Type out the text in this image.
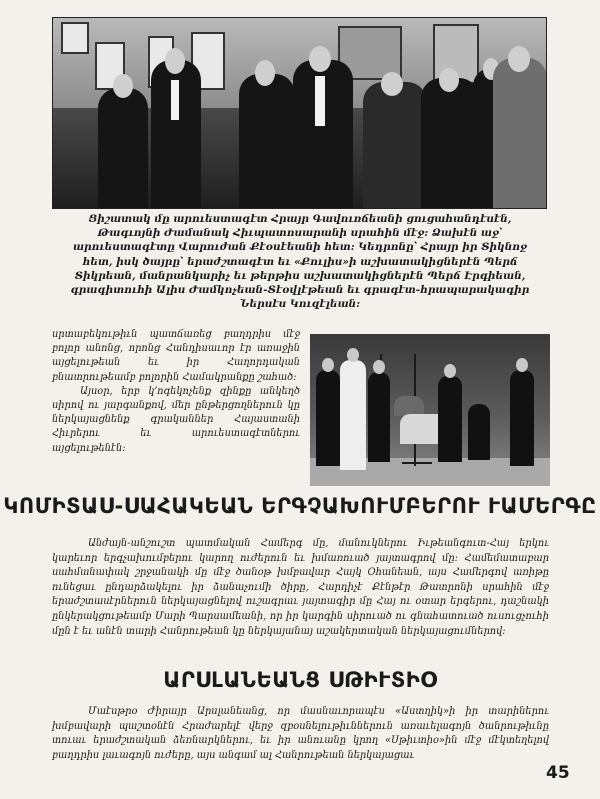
Ցիշատակ մը արուեստագէտ Հրայր Գավուռճեանի ցուցահանդէսէն, Թագւոյնի Ժամանակ Հիւպատոսարանի սրահին մէջ: Ձախէն աջ՝ արուեստագէտը Վարուժան Քէօսէեանի հետ: Կեդրոնը՝ Հրայր իր Տիկնոջ հետ, իսկ ծայրը՝ երաժշտագէտ եւ «Քուլիս»ի աշխատակիցներէն Պերճ Տիկրեան, մանրանկարիչ եւ թերթիս աշխատակիցներէն Պերճ Էրգիեան, գրագիտուհի Ալիս Ժամկոչեան-Տէօվլէթեան եւ գրագէտ-հրապարակագիր Ներսէս Կուզէլեան:

սրտաբեկութիւն պատճառեց բաղդրիս մէջ բոլոր անոնց, որոնց Հանդիսաւոր էր առաջին այցելութեան եւ իր Հաղորդական բնատրութեամբ բոլորին Համակրանքը շահած:

Այսօր, երբ կ՚ոգեկոչենք զինքը անկեղծ սիրով ու յարգանքով, մեր ընթերցողներուն կը ներկայացնենք գրականներ Հայաստանի Հիւրերու եւ արուեստագէտներու այցելութենէն:

ԿՈՄԻՏԱՍ-ՍԱՀԱԿԵԱՆ ԵՐԳՉԱԽՈՒՄԲԵՐՈՒ ՒԱՄԵՐԳԸ

Անժայն-անշուշտ պատմական Համերգ մը, մանուկներու Իւթեանգուտ-Հայ երկու կարեւոր երգչախումբերու կարող ուժերուն եւ խմառուած յայտագրով մը: Համեմատաբար սահմանափակ շրջանակի մը մէջ ծանօթ խմբավար Հայկ Օհանեան, այս Համերգով առիթը ունեցաւ ընդարձակելու իր ձանաչումի ծիրը, Հարդիչէ Քէնթէր Թատրոնի սրահին մէջ երաժշտասէրներուն ներկայացնելով ուշագրաւ յայտագիր մը Հայ ու օտար երգերու, դաշնակի ընկերակցութեամբ Մարի Պարսամեանի, որ իր կարգին սիրուած ու գնահատուած ուսուցչուհի մըն է եւ անէն տարի Հանրութեան կը ներկայանայ աշակերտական ներկայացումներով:

ԱՐՍԼԱՆԵԱՆՑ ՍԹԻՒՏԻՕ

Մաէսթրօ Ժիրայր Արսլանեանց, որ մասնաւորապէս «Աստղիկ»ի իր տարիներու խմբավարի պաշտօնէն Հրաժարելէ վերջ զբօսնելութիւններուն առաւելագոյն ծանրութիւնը տուաւ երաժշտական ձեռնարկներու, եւ իր անուանը կրող «Սթիւտիօ»ին մէջ մէկտեղելով բաղդրիս լաւագոյն ուժերը, այս անգամ ալ Հանրութեան ներկայացաւ

45
